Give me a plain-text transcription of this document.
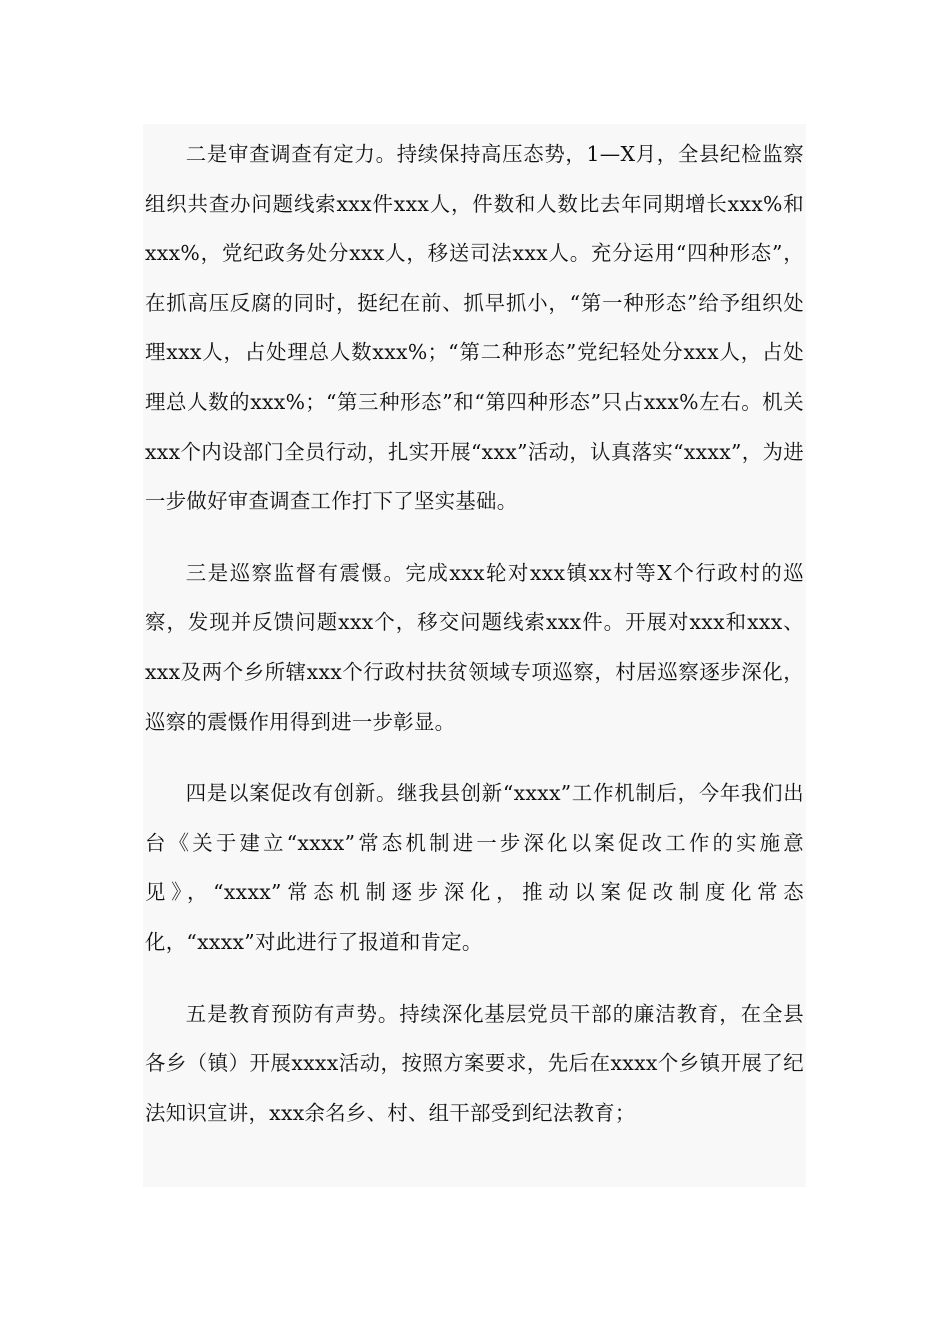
二是审查调查有定力。持续保持高压态势，1—X月，全县纪检监察组织共查办问题线索xxx件xxx人，件数和人数比去年同期增长xxx%和xxx%，党纪政务处分xxx人，移送司法xxx人。充分运用“四种形态”，在抓高压反腐的同时，挺纪在前、抓早抓小，“第一种形态”给予组织处理xxx人，占处理总人数xxx%；“第二种形态”党纪轻处分xxx人，占处理总人数的xxx%；“第三种形态”和“第四种形态”只占xxx%左右。机关xxx个内设部门全员行动，扎实开展“xxx”活动，认真落实“xxxx”，为进一步做好审查调查工作打下了坚实基础。

三是巡察监督有震慑。完成xxx轮对xxx镇xx村等X个行政村的巡察，发现并反馈问题xxx个，移交问题线索xxx件。开展对xxx和xxx、xxx及两个乡所辖xxx个行政村扶贫领域专项巡察，村居巡察逐步深化，巡察的震慑作用得到进一步彰显。

四是以案促改有创新。继我县创新“xxxx”工作机制后，今年我们出台《关于建立“xxxx”常态机制进一步深化以案促改工作的实施意见》，“xxxx”常态机制逐步深化，推动以案促改制度化常态化，“xxxx”对此进行了报道和肯定。

五是教育预防有声势。持续深化基层党员干部的廉洁教育，在全县各乡（镇）开展xxxx活动，按照方案要求，先后在xxxx个乡镇开展了纪法知识宣讲，xxx余名乡、村、组干部受到纪法教育；
